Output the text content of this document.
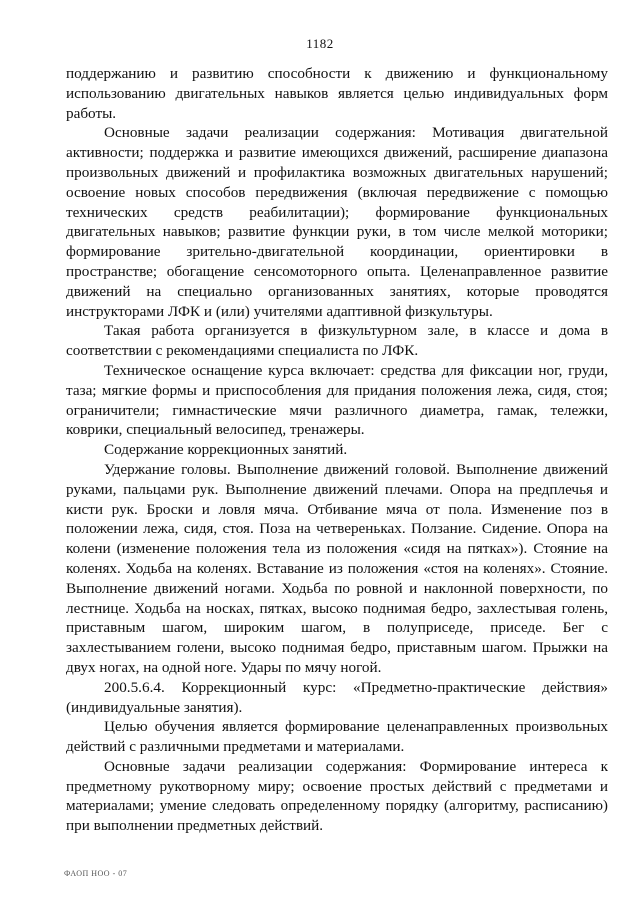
1182

поддержанию и развитию способности к движению и функциональному использованию двигательных навыков является целью индивидуальных форм работы.

Основные задачи реализации содержания: Мотивация двигательной активности; поддержка и развитие имеющихся движений, расширение диапазона произвольных движений и профилактика возможных двигательных нарушений; освоение новых способов передвижения (включая передвижение с помощью технических средств реабилитации); формирование функциональных двигательных навыков; развитие функции руки, в том числе мелкой моторики; формирование зрительно-двигательной координации, ориентировки в пространстве; обогащение сенсомоторного опыта. Целенаправленное развитие движений на специально организованных занятиях, которые проводятся инструкторами ЛФК и (или) учителями адаптивной физкультуры.

Такая работа организуется в физкультурном зале, в классе и дома в соответствии с рекомендациями специалиста по ЛФК.

Техническое оснащение курса включает: средства для фиксации ног, груди, таза; мягкие формы и приспособления для придания положения лежа, сидя, стоя; ограничители; гимнастические мячи различного диаметра, гамак, тележки, коврики, специальный велосипед, тренажеры.

Содержание коррекционных занятий.

Удержание головы. Выполнение движений головой. Выполнение движений руками, пальцами рук. Выполнение движений плечами. Опора на предплечья и кисти рук. Броски и ловля мяча. Отбивание мяча от пола. Изменение поз в положении лежа, сидя, стоя. Поза на четвереньках. Ползание. Сидение. Опора на колени (изменение положения тела из положения «сидя на пятках»). Стояние на коленях. Ходьба на коленях. Вставание из положения «стоя на коленях». Стояние. Выполнение движений ногами. Ходьба по ровной и наклонной поверхности, по лестнице. Ходьба на носках, пятках, высоко поднимая бедро, захлестывая голень, приставным шагом, широким шагом, в полуприседе, приседе. Бег с захлестыванием голени, высоко поднимая бедро, приставным шагом. Прыжки на двух ногах, на одной ноге. Удары по мячу ногой.

200.5.6.4. Коррекционный курс: «Предметно-практические действия» (индивидуальные занятия).

Целью обучения является формирование целенаправленных произвольных действий с различными предметами и материалами.

Основные задачи реализации содержания: Формирование интереса к предметному рукотворному миру; освоение простых действий с предметами и материалами; умение следовать определенному порядку (алгоритму, расписанию) при выполнении предметных действий.

ФАОП НОО - 07
